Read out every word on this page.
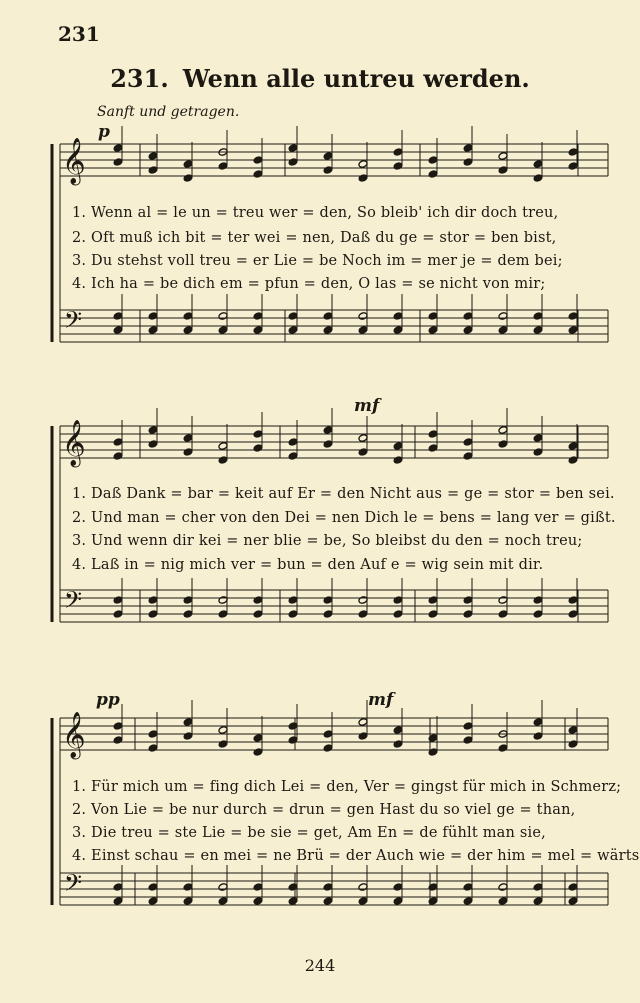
231
231. Wenn alle untreu werden.
Sanft und getragen.
𝄞
𝄢
𝄞
𝄢
𝄞
𝄢
p
mf
pp	mf
1. Wenn al = le un = treu wer = den, So bleib' ich dir doch treu,
2. Oft muß ich bit = ter wei = nen, Daß du ge = stor = ben bist,
3. Du stehst voll treu = er Lie = be Noch im = mer je = dem bei;
4. Ich ha = be dich em = pfun = den, O las = se nicht von mir;
1. Daß Dank = bar = keit auf Er = den Nicht aus = ge = stor = ben sei.
2. Und man = cher von den Dei = nen Dich le = bens = lang ver = gißt.
3. Und wenn dir kei = ner blie = be, So bleibst du den = noch treu;
4. Laß in = nig mich ver = bun = den Auf e = wig sein mit dir.
1. Für mich um = fing dich Lei = den, Ver = gingst für mich in Schmerz;
2. Von Lie = be nur durch = drun = gen Hast du so viel ge = than,
3. Die treu = ste Lie = be sie = get, Am En = de fühlt man sie,
4. Einst schau = en mei = ne Brü = der Auch wie = der him = mel = wärts
244
